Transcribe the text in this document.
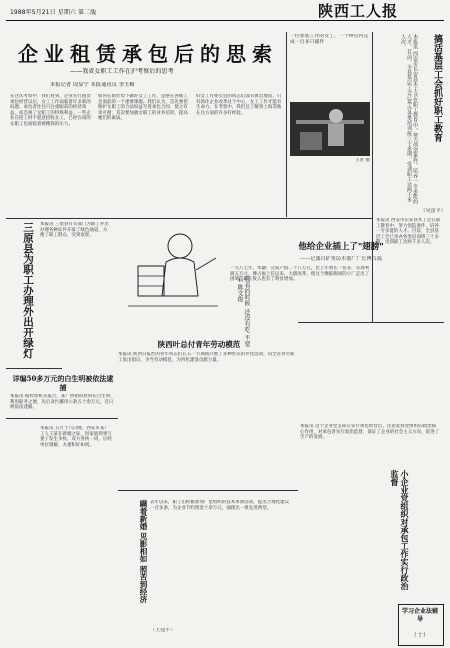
1988年5月21日 星期六 第二版	陕西工人报
企业租赁承包后的思索
——我省女职工工作在沪考察后的思考
本报记者 周显宁 本报通讯员 李玉梅
在这次考察中，我们看到，企业实行租赁承包经营以后，女工工作面临着许多新的问题。承包者往往只注重眼前的经济效益，而忽视了女职工的特殊利益。一些企业在招工时不愿意招收女工，已经在岗的女职工也面临着被精简的压力。
如何在新形势下做好女工工作，是摆在各级工会面前的一个重要课题。我们认为，首先要把维护女职工的合法权益写进承包合同，使之有章可循；其次要加强女职工的业务培训，提高她们的素质。
妇女工作委员会的同志们深有体会地说，只有抓住企业改革这个中心，女工工作才能有生命力。在考察中，我们还了解到上海等地在这方面的许多好经验。
一位参加工作的女工，一个钟点内完成一百多只插件
王君 摄	本报讯 西安市长安县木工会在职工教育中，努力创造条件，培养一专多能的人才。目前，全县基层工会已举办各类培训班三十多期，受训职工达两千多人次。	搞活基层工会抓好职工教育
（吴雷平）
他给企业插上了"翅膀"
——记蒲白矿务局木器厂厂长傅占福
一九八七年，木器厂完成产值二十八万元，比上年增长一倍多，实现利润五万元。傅占福上任以来，大胆改革，使这个濒临倒闭的小厂走出了困境，职工收入也有了明显增加。
本报讯 西安市长安县木工会在职工教育中，努力创造条件，培养一专多能的人才。目前，全县基层工会已举办各类培训班三十多期，受训职工达两千多人次。
三原县为职工办理外出开绿灯 本报讯 三原县有关部门为职工外出办理各种证件开辟了绿色通道，方便了职工群众，受到欢迎。
详编50多万元的白生明被依法逮捕
本报讯 据检察机关报告，某厂供销科原科长白生明，利用职务之便，先后贪污挪用公款五十余万元，近日被依法逮捕。
我看的时候 还没有吃 不要看 陈文俊
陕西叶总付青年劳动模范
本报讯 陕西日报社的青年同志们在五一节期间开展了多种形式的评比活动，向全省青年职工发出倡议，争当劳动模范，为四化建设贡献力量。
本报讯 五月十六日晚，西安市某厂工人王某在新婚之际，因家庭琐事与妻子发生争执，双方各执一词，后经单位调解，夫妻和好如初。
瞒着新婚 见影相如 照苦到经济
（王建平）
去年以来，职工们积极参加厂里组织的技术革新活动，提出合理化建议一百多条，为企业节约资金十余万元，涌现出一批先进典型。
本报讯 这个企业党支部在实行承包经营后，注意发挥党组织的政治核心作用，对承包者实行政治监督，保证了企业的社会主义方向，促进了生产的发展。
小企业党组织对承包工作实行政治监督
学习企业法辅导
（十）
